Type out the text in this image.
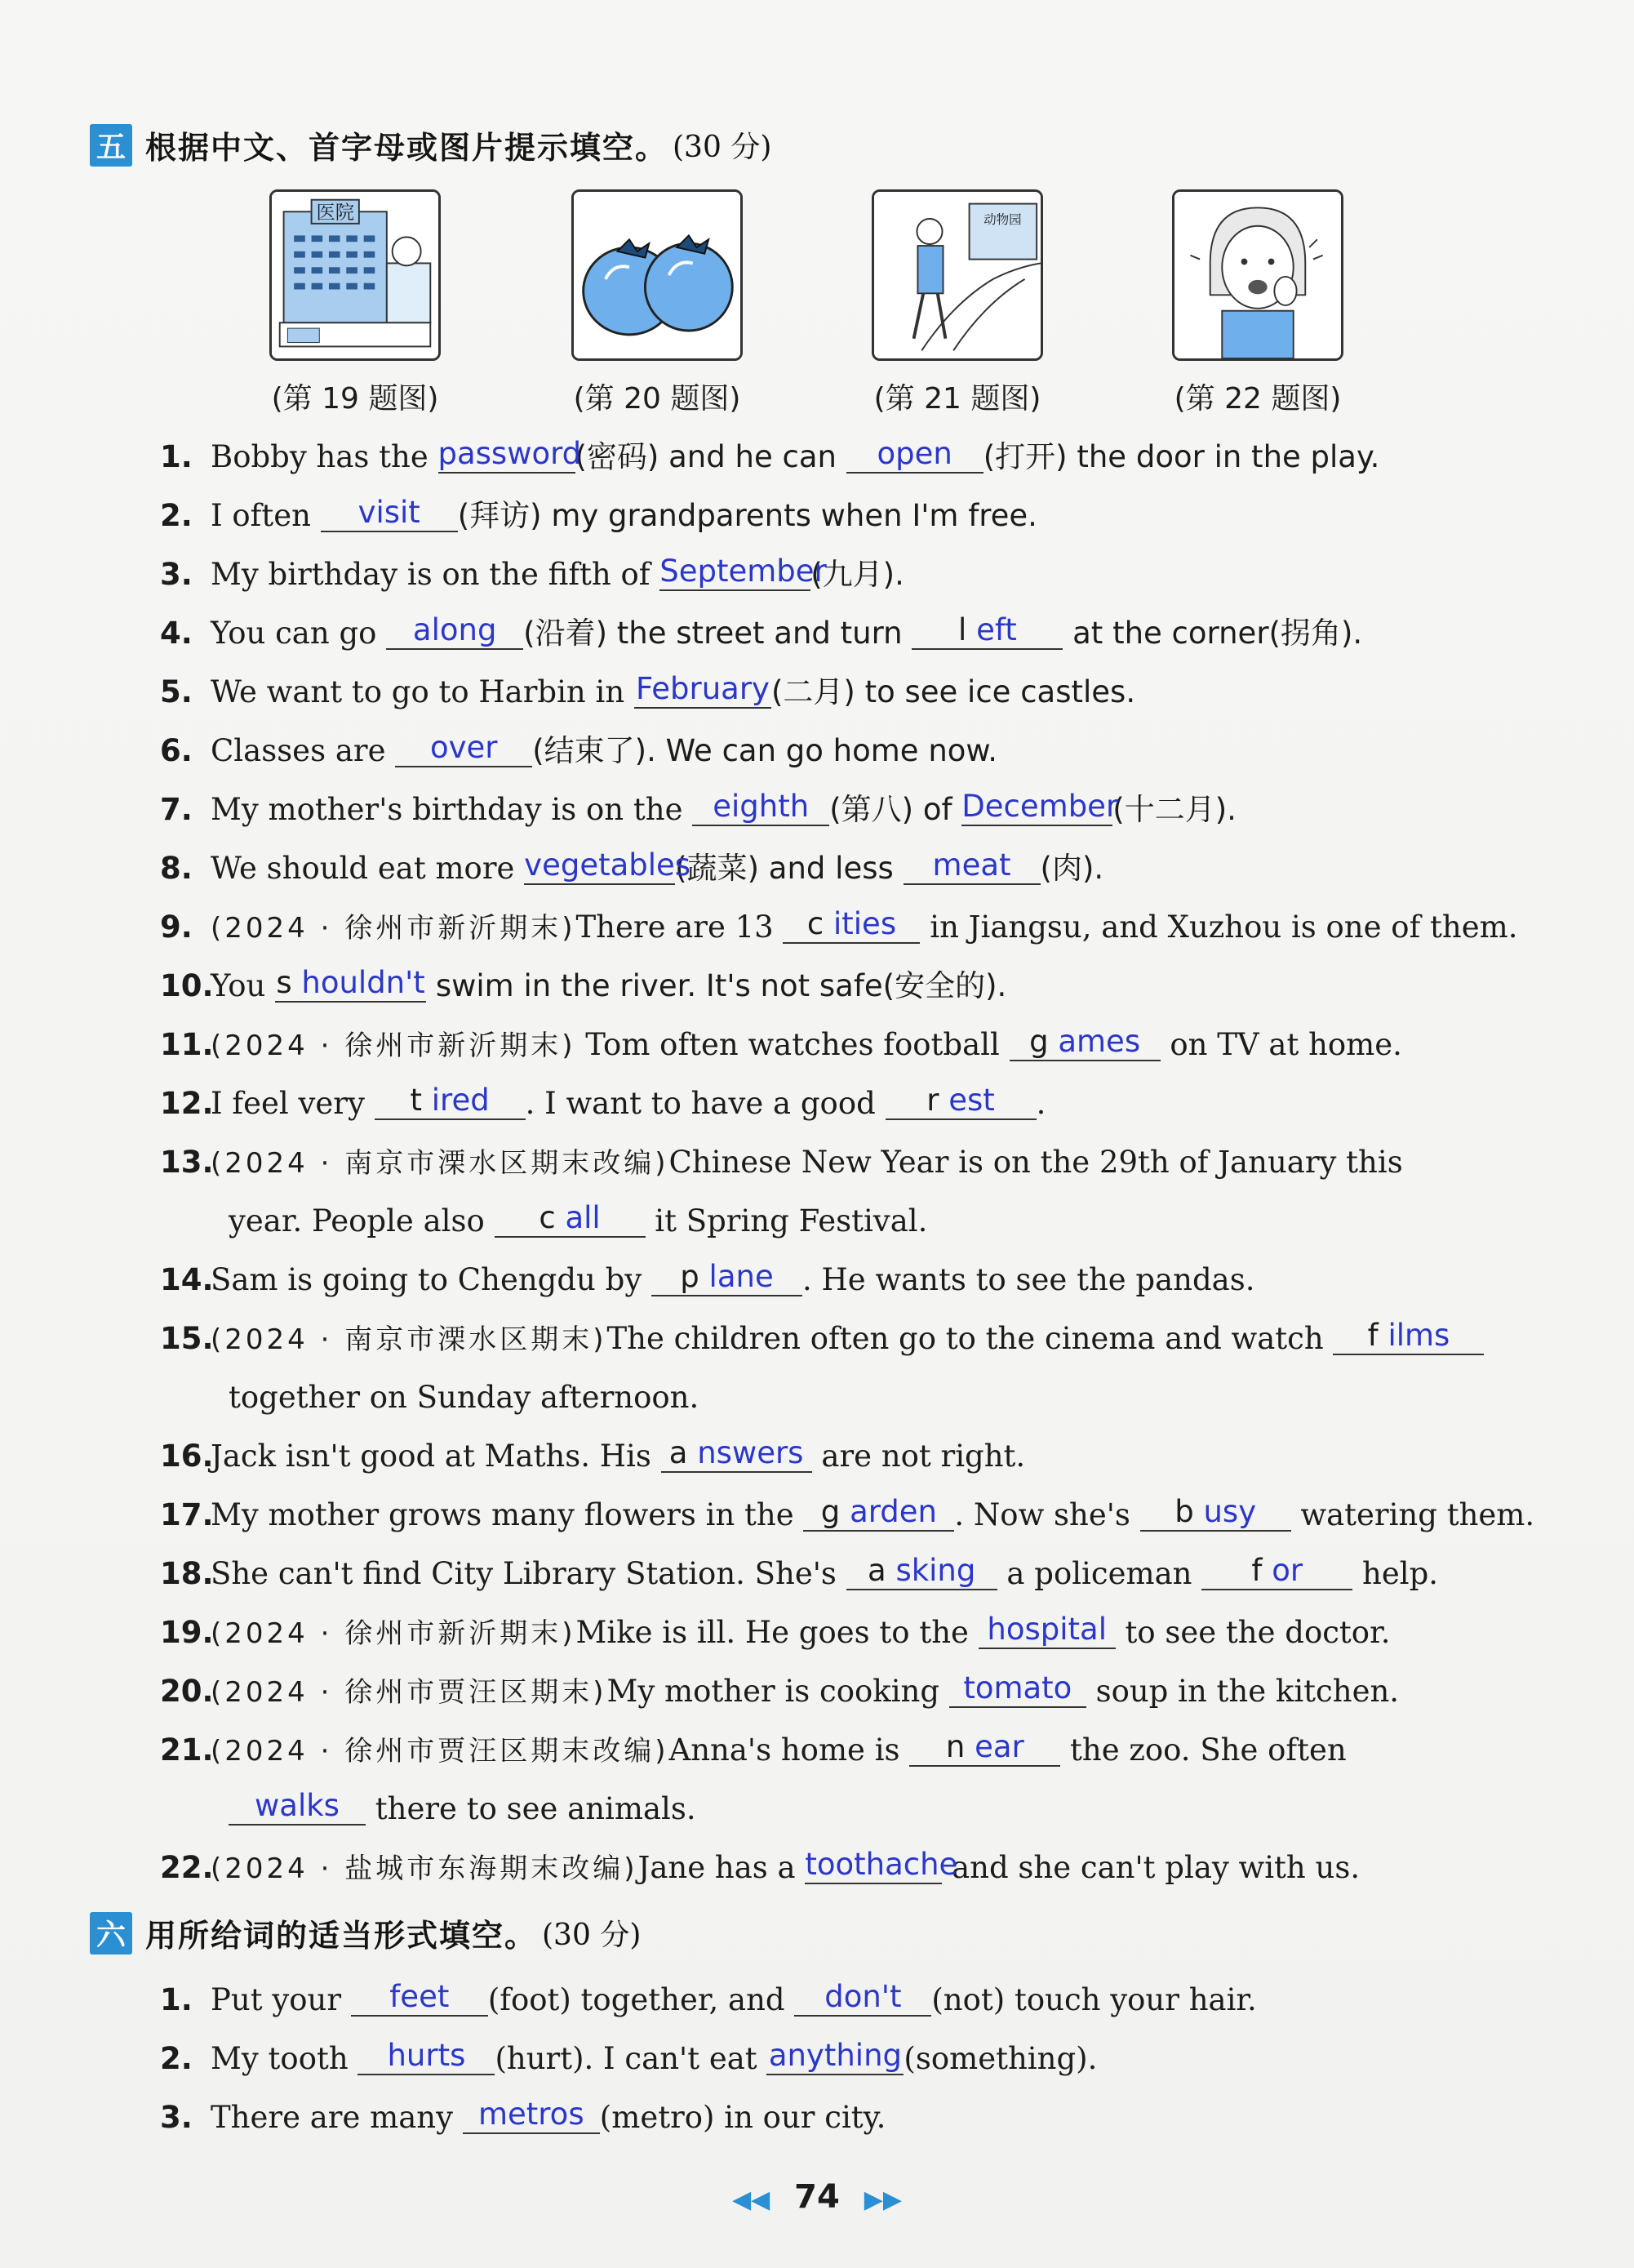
五 根据中文、首字母或图片提示填空。 (30 分)
医院	动物园
(第 19 题图)	(第 20 题图)	(第 21 题图)	(第 22 题图)
1. Bobby has the password(密码) and he can open (打开) the door in the play.
2. I often visit (拜访) my grandparents when I'm free.
3. My birthday is on the fifth of September(九月).
4. You can go along (沿着) the street and turn l eft at the corner(拐角).
5. We want to go to Harbin in February(二月) to see ice castles.
6. Classes are over (结束了). We can go home now.
7. My mother's birthday is on the eighth (第八) of December(十二月).
8. We should eat more vegetables(蔬菜) and less meat (肉).
9. (2024 · 徐州市新沂期末)There are 13 c ities in Jiangsu, and Xuzhou is one of them.
10.You s houldn't swim in the river. It's not safe(安全的).
11.(2024 · 徐州市新沂期末) Tom often watches football g ames on TV at home.
12.I feel very t ired . I want to have a good r est .
13.(2024 · 南京市溧水区期末改编)Chinese New Year is on the 29th of January this
year. People also c all it Spring Festival.
14.Sam is going to Chengdu by p lane . He wants to see the pandas.
15.(2024 · 南京市溧水区期末)The children often go to the cinema and watch f ilms
together on Sunday afternoon.
16.Jack isn't good at Maths. His a nswers are not right.
17.My mother grows many flowers in the g arden . Now she's b usy watering them.
18.She can't find City Library Station. She's a sking a policeman f or help.
19.(2024 · 徐州市新沂期末)Mike is ill. He goes to the hospital to see the doctor.
20.(2024 · 徐州市贾汪区期末)My mother is cooking tomato soup in the kitchen.
21.(2024 · 徐州市贾汪区期末改编)Anna's home is n ear the zoo. She often
walks there to see animals.
22.(2024 · 盐城市东海期末改编)Jane has a toothache and she can't play with us.
六 用所给词的适当形式填空。 (30 分)
1. Put your feet (foot) together, and don't (not) touch your hair.
2. My tooth hurts (hurt). I can't eat anything(something).
3. There are many metros (metro) in our city.
◀◀ 74 ▶▶
